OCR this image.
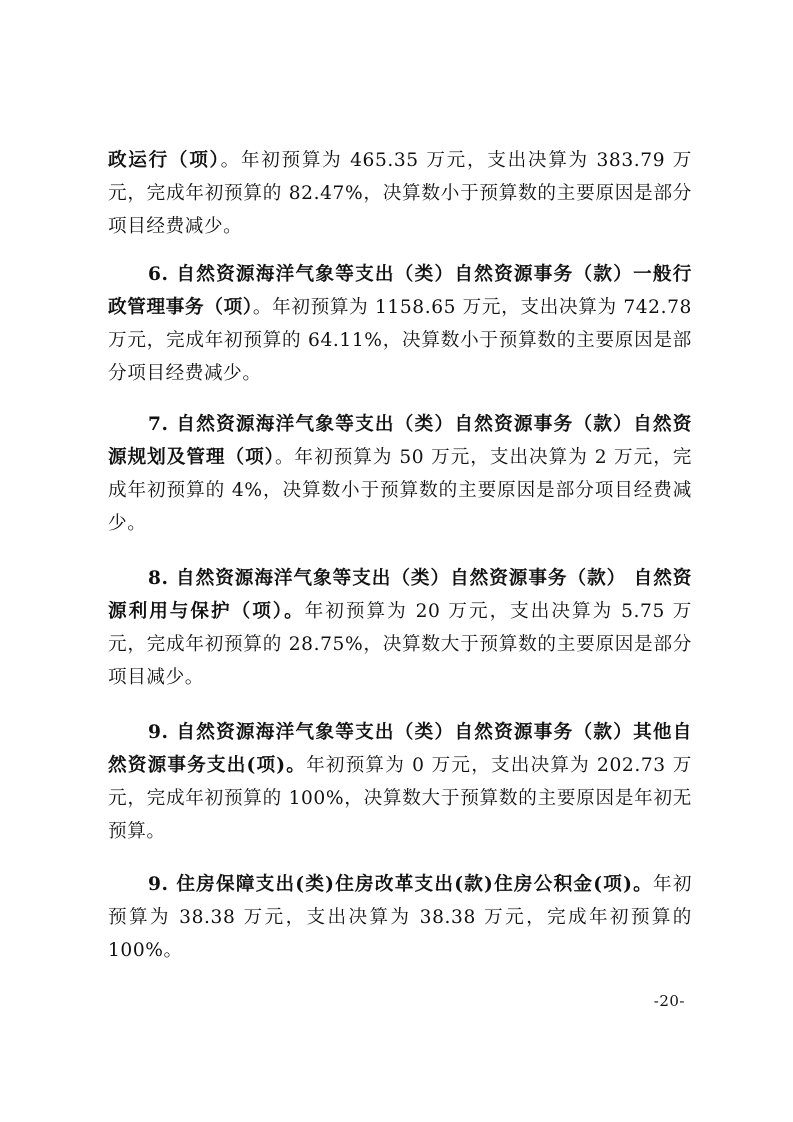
政运行（项）。年初预算为 465.35 万元，支出决算为 383.79 万元，完成年初预算的 82.47%，决算数小于预算数的主要原因是部分项目经费减少。

6. 自然资源海洋气象等支出（类）自然资源事务（款）一般行政管理事务（项）。年初预算为 1158.65 万元，支出决算为 742.78 万元，完成年初预算的 64.11%，决算数小于预算数的主要原因是部分项目经费减少。

7. 自然资源海洋气象等支出（类）自然资源事务（款）自然资源规划及管理（项）。年初预算为 50 万元，支出决算为 2 万元，完成年初预算的 4%，决算数小于预算数的主要原因是部分项目经费减少。

8. 自然资源海洋气象等支出（类）自然资源事务（款） 自然资源利用与保护（项）。年初预算为 20 万元，支出决算为 5.75 万元，完成年初预算的 28.75%，决算数大于预算数的主要原因是部分项目减少。

9. 自然资源海洋气象等支出（类）自然资源事务（款）其他自然资源事务支出(项)。年初预算为 0 万元，支出决算为 202.73 万元，完成年初预算的 100%，决算数大于预算数的主要原因是年初无预算。

9. 住房保障支出(类)住房改革支出(款)住房公积金(项)。年初预算为 38.38 万元，支出决算为 38.38 万元，完成年初预算的 100%。

-20-
